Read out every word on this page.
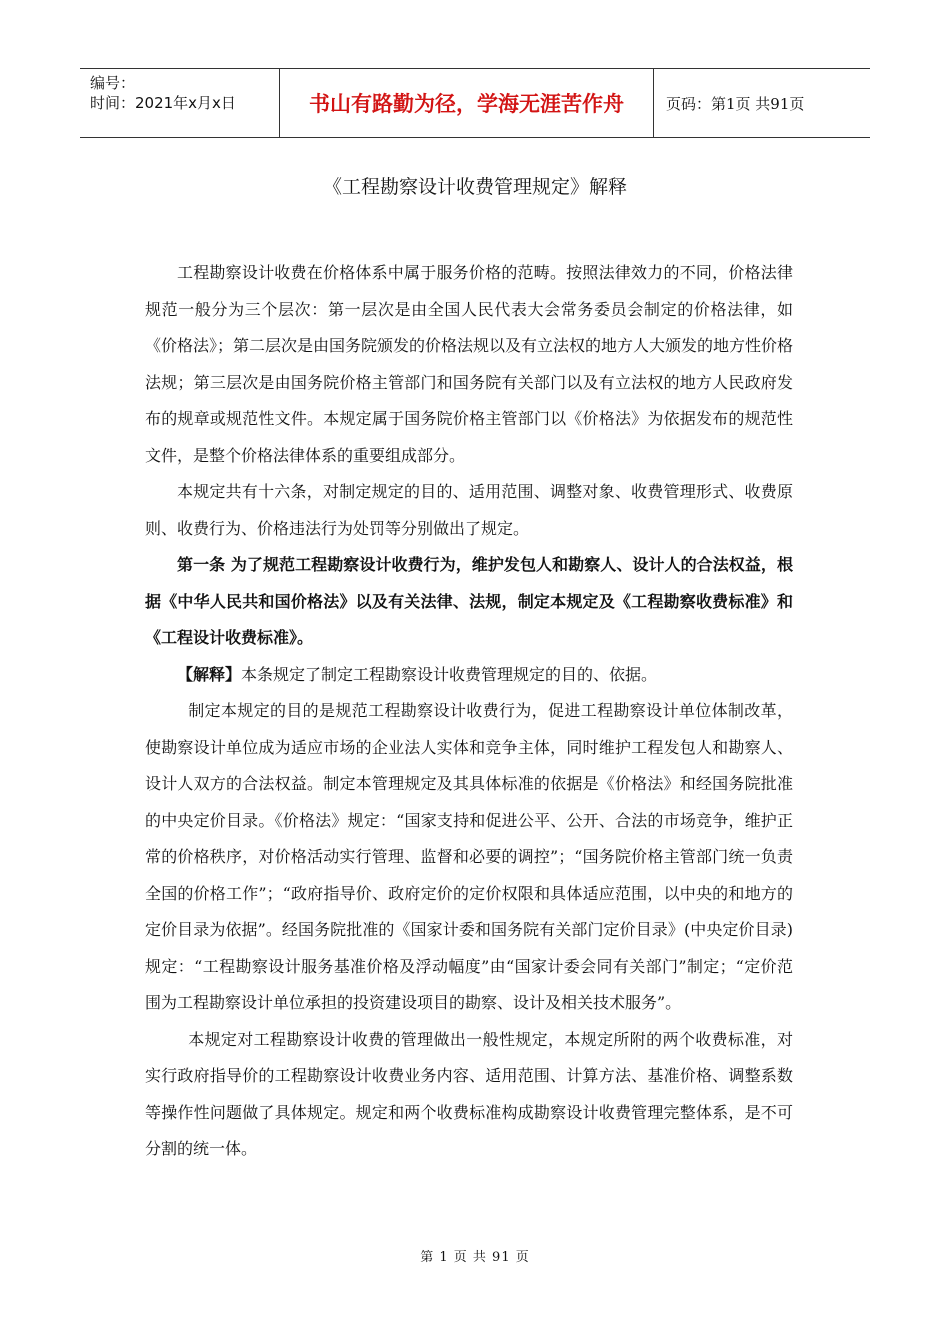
编号：
时间：2021年x月x日	书山有路勤为径，学海无涯苦作舟	页码：第1页 共91页
《工程勘察设计收费管理规定》解释

工程勘察设计收费在价格体系中属于服务价格的范畴。按照法律效力的不同，价格法律规范一般分为三个层次：第一层次是由全国人民代表大会常务委员会制定的价格法律，如《价格法》；第二层次是由国务院颁发的价格法规以及有立法权的地方人大颁发的地方性价格法规；第三层次是由国务院价格主管部门和国务院有关部门以及有立法权的地方人民政府发布的规章或规范性文件。本规定属于国务院价格主管部门以《价格法》为依据发布的规范性文件，是整个价格法律体系的重要组成部分。

本规定共有十六条，对制定规定的目的、适用范围、调整对象、收费管理形式、收费原则、收费行为、价格违法行为处罚等分别做出了规定。

第一条 为了规范工程勘察设计收费行为，维护发包人和勘察人、设计人的合法权益，根据《中华人民共和国价格法》以及有关法律、法规，制定本规定及《工程勘察收费标准》和《工程设计收费标准》。

【解释】本条规定了制定工程勘察设计收费管理规定的目的、依据。

制定本规定的目的是规范工程勘察设计收费行为，促进工程勘察设计单位体制改革，使勘察设计单位成为适应市场的企业法人实体和竞争主体，同时维护工程发包人和勘察人、设计人双方的合法权益。制定本管理规定及其具体标准的依据是《价格法》和经国务院批准的中央定价目录。《价格法》规定：“国家支持和促进公平、公开、合法的市场竞争，维护正常的价格秩序，对价格活动实行管理、监督和必要的调控”；“国务院价格主管部门统一负责全国的价格工作”；“政府指导价、政府定价的定价权限和具体适应范围，以中央的和地方的定价目录为依据”。经国务院批准的《国家计委和国务院有关部门定价目录》(中央定价目录)规定：“工程勘察设计服务基准价格及浮动幅度”由“国家计委会同有关部门”制定；“定价范围为工程勘察设计单位承担的投资建设项目的勘察、设计及相关技术服务”。

本规定对工程勘察设计收费的管理做出一般性规定，本规定所附的两个收费标准，对实行政府指导价的工程勘察设计收费业务内容、适用范围、计算方法、基准价格、调整系数等操作性问题做了具体规定。规定和两个收费标准构成勘察设计收费管理完整体系，是不可分割的统一体。

第 1 页 共 91 页
